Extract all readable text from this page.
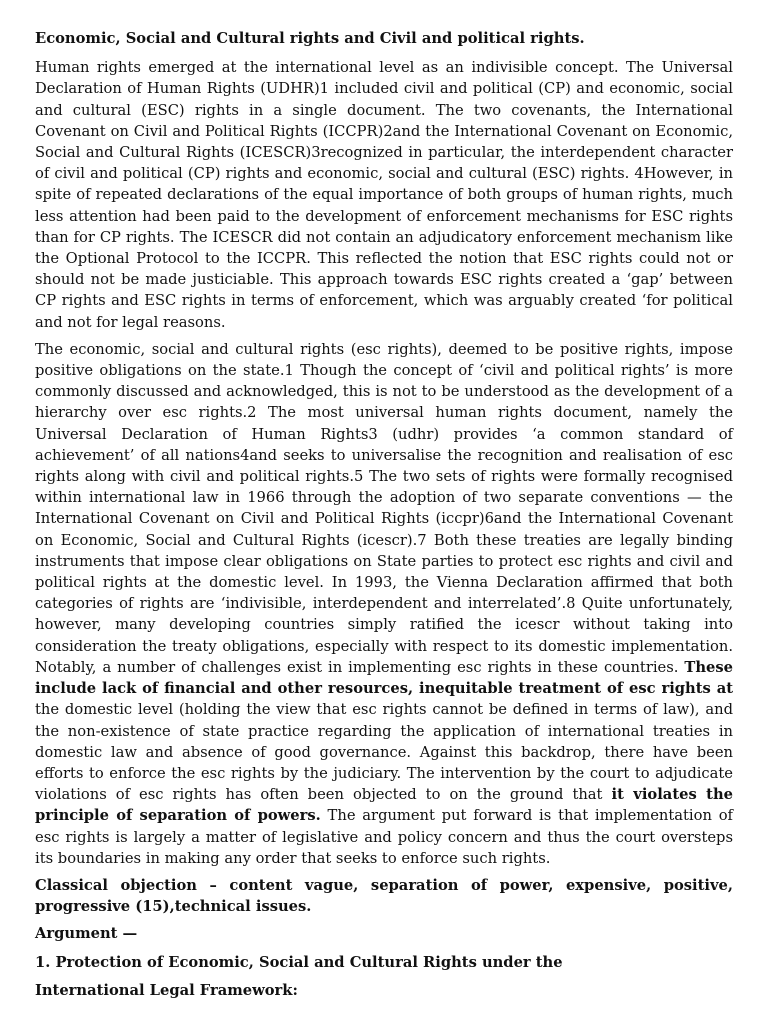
Economic, Social and Cultural rights and Civil and political rights.

Human rights emerged at the international level as an indivisible concept. The Universal Declaration of Human Rights (UDHR)1 included civil and political (CP) and economic, social and cultural (ESC) rights in a single document. The two covenants, the International Covenant on Civil and Political Rights (ICCPR)2and the International Covenant on Economic, Social and Cultural Rights (ICESCR)3recognized in particular, the interdependent character of civil and political (CP) rights and economic, social and cultural (ESC) rights. 4However, in spite of repeated declarations of the equal importance of both groups of human rights, much less attention had been paid to the development of enforcement mechanisms for ESC rights than for CP rights. The ICESCR did not contain an adjudicatory enforcement mechanism like the Optional Protocol to the ICCPR. This reflected the notion that ESC rights could not or should not be made justiciable. This approach towards ESC rights created a ‘gap’ between CP rights and ESC rights in terms of enforcement, which was arguably created ‘for political and not for legal reasons.

The economic, social and cultural rights (esc rights), deemed to be positive rights, impose positive obligations on the state.1 Though the concept of ‘civil and political rights’ is more commonly discussed and acknowledged, this is not to be understood as the development of a hierarchy over esc rights.2 The most universal human rights document, namely the Universal Declaration of Human Rights3 (udhr) provides ‘a common standard of achievement’ of all nations4and seeks to universalise the recognition and realisation of esc rights along with civil and political rights.5 The two sets of rights were formally recognised within international law in 1966 through the adoption of two separate conventions — the International Covenant on Civil and Political Rights (iccpr)6and the International Covenant on Economic, Social and Cultural Rights (icescr).7 Both these treaties are legally binding instruments that impose clear obligations on State parties to protect esc rights and civil and political rights at the domestic level. In 1993, the Vienna Declaration affirmed that both categories of rights are ‘indivisible, interdependent and interrelated’.8 Quite unfortunately, however, many developing countries simply ratified the icescr without taking into consideration the treaty obligations, especially with respect to its domestic implementation. Notably, a number of challenges exist in implementing esc rights in these countries. These include lack of financial and other resources, inequitable treatment of esc rights at the domestic level (holding the view that esc rights cannot be defined in terms of law), and the non-existence of state practice regarding the application of international treaties in domestic law and absence of good governance. Against this backdrop, there have been efforts to enforce the esc rights by the judiciary. The intervention by the court to adjudicate violations of esc rights has often been objected to on the ground that it violates the principle of separation of powers. The argument put forward is that implementation of esc rights is largely a matter of legislative and policy concern and thus the court oversteps its boundaries in making any order that seeks to enforce such rights.

Classical objection – content vague, separation of power, expensive, positive, progressive (15),technical issues.

Argument —

1. Protection of Economic, Social and Cultural Rights under the

International Legal Framework:
